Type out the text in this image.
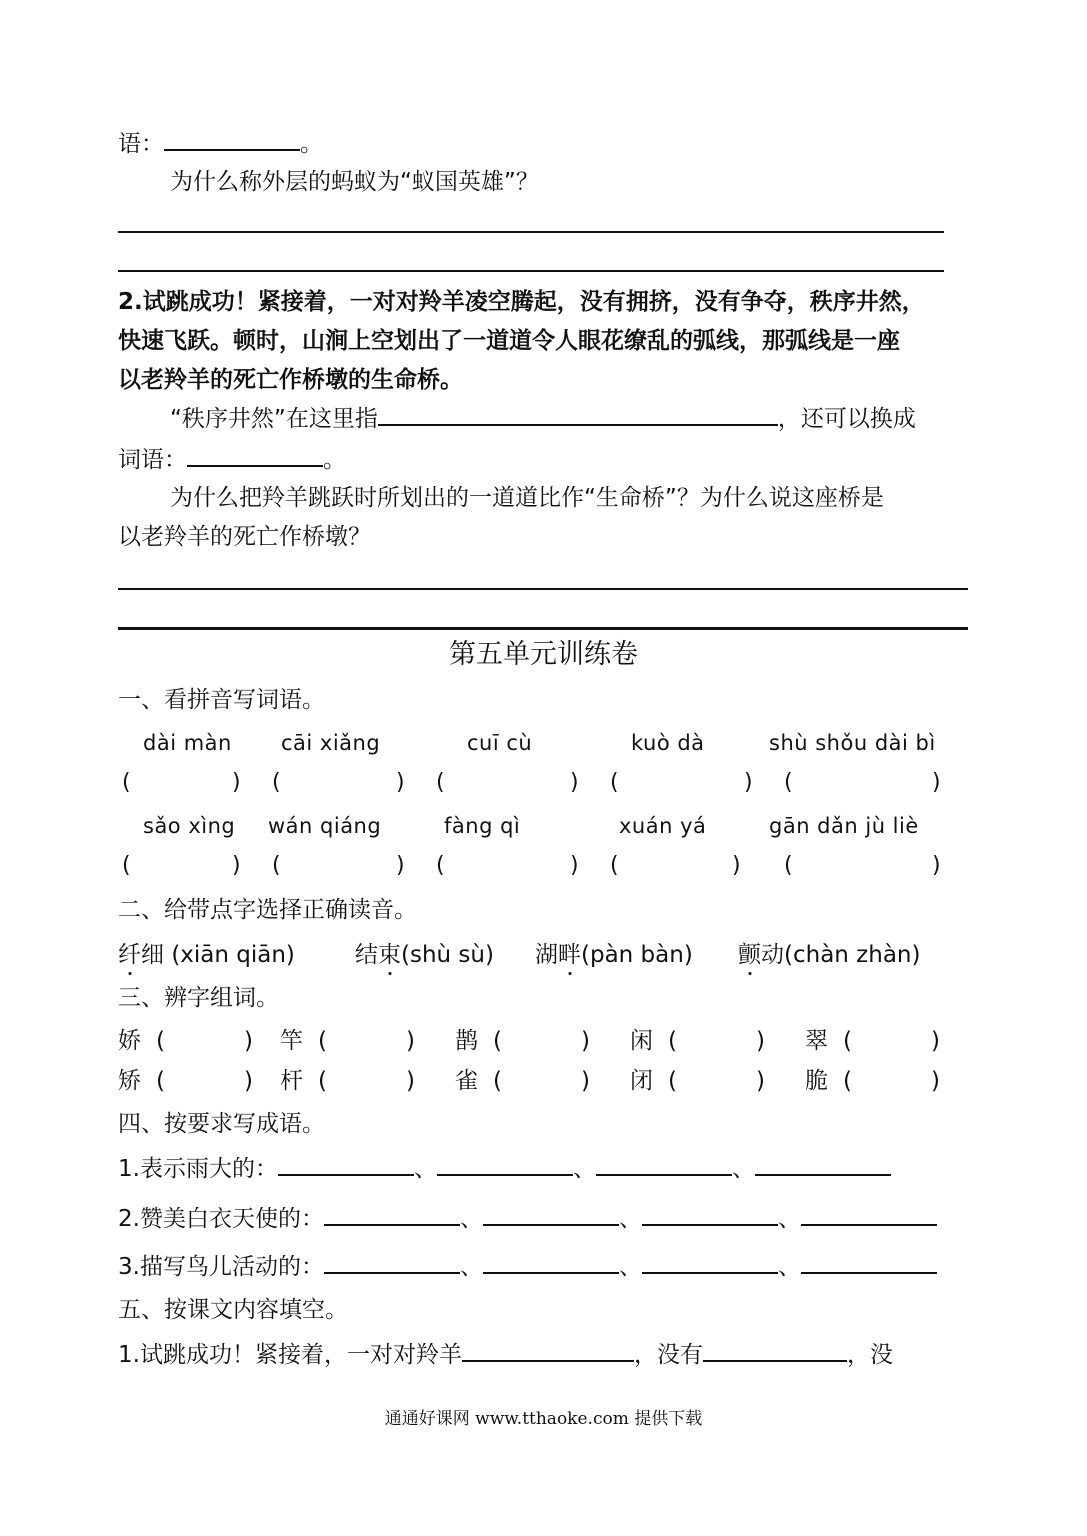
语：	。
为什么称外层的蚂蚁为“蚁国英雄”？
2.试跳成功！紧接着，一对对羚羊凌空腾起，没有拥挤，没有争夺，秩序井然，
快速飞跃。顿时，山涧上空划出了一道道令人眼花缭乱的弧线，那弧线是一座
以老羚羊的死亡作桥墩的生命桥。
“秩序井然”在这里指	，还可以换成
词语：	。
为什么把羚羊跳跃时所划出的一道道比作“生命桥”？为什么说这座桥是
以老羚羊的死亡作桥墩？
第五单元训练卷
一、看拼音写词语。
dài màn cāi xiǎng	cuī cù	kuò dà	shù shǒu dài bì
(	) (	) (	) (	) (	)
sǎo xìng wán qiáng	fàng qì	xuán yá	gān dǎn jù liè
(	) (	) (	) (	) (	)
二、给带点字选择正确读音。
纤细 (xiān qiān)	结束(shù sù) 湖畔(pàn bàn) 颤动(chàn zhàn)
三、辨字组词。
娇 (	) 竿 (	) 鹊 (	) 闲 (	) 翠 (	)
矫 (	) 杆 (	) 雀 (	) 闭 (	) 脆 (	)
四、按要求写成语。
1.表示雨大的：	、	、	、
2.赞美白衣天使的：	、	、	、
3.描写鸟儿活动的：	、	、	、
五、按课文内容填空。
1.试跳成功！紧接着，一对对羚羊	，没有	，没
通通好课网 www.tthaoke.com 提供下载
